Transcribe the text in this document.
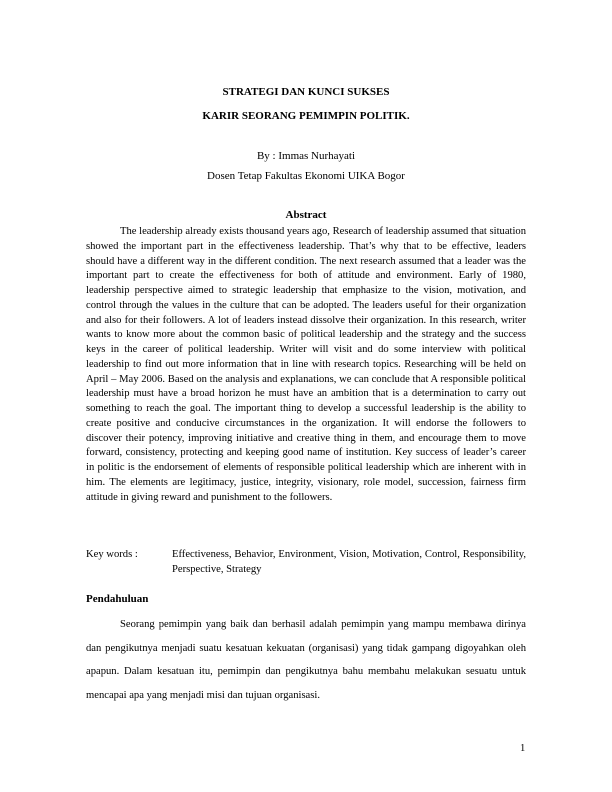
STRATEGI DAN KUNCI SUKSES
KARIR SEORANG PEMIMPIN POLITIK.
By : Immas Nurhayati
Dosen Tetap Fakultas Ekonomi UIKA Bogor
Abstract

The leadership already exists thousand years ago, Research of leadership assumed that situation showed the important part in the effectiveness leadership. That’s why that to be effective, leaders should have a different way in the different condition. The next research assumed that a leader was the important part to create the effectiveness for both of attitude and environment. Early of 1980, leadership perspective aimed to strategic leadership that emphasize to the vision, motivation, and control through the values in the culture that can be adopted. The leaders useful for their organization and also for their followers. A lot of leaders instead dissolve their organization. In this research, writer wants to know more about the common basic of political leadership and the strategy and the success keys in the career of political leadership. Writer will visit and do some interview with political leadership to find out more information that in line with research topics. Researching will be held on April – May 2006. Based on the analysis and explanations, we can conclude that A responsible political leadership must have a broad horizon he must have an ambition that is a determination to carry out something to reach the goal. The important thing to develop a successful leadership is the ability to create positive and conducive circumstances in the organization. It will endorse the followers to discover their potency, improving initiative and creative thing in them, and encourage them to move forward, consistency, protecting and keeping good name of institution. Key success of leader’s career in politic is the endorsement of elements of responsible political leadership which are inherent with in him. The elements are legitimacy, justice, integrity, visionary, role model, succession, fairness firm attitude in giving reward and punishment to the followers.

Key words :	Effectiveness, Behavior, Environment, Vision, Motivation, Control, Responsibility, Perspective, Strategy
Pendahuluan

Seorang pemimpin yang baik dan berhasil adalah pemimpin yang mampu membawa dirinya dan pengikutnya menjadi suatu kesatuan kekuatan (organisasi) yang tidak gampang digoyahkan oleh apapun. Dalam kesatuan itu, pemimpin dan pengikutnya bahu membahu melakukan sesuatu untuk mencapai apa yang menjadi misi dan tujuan organisasi.

1
